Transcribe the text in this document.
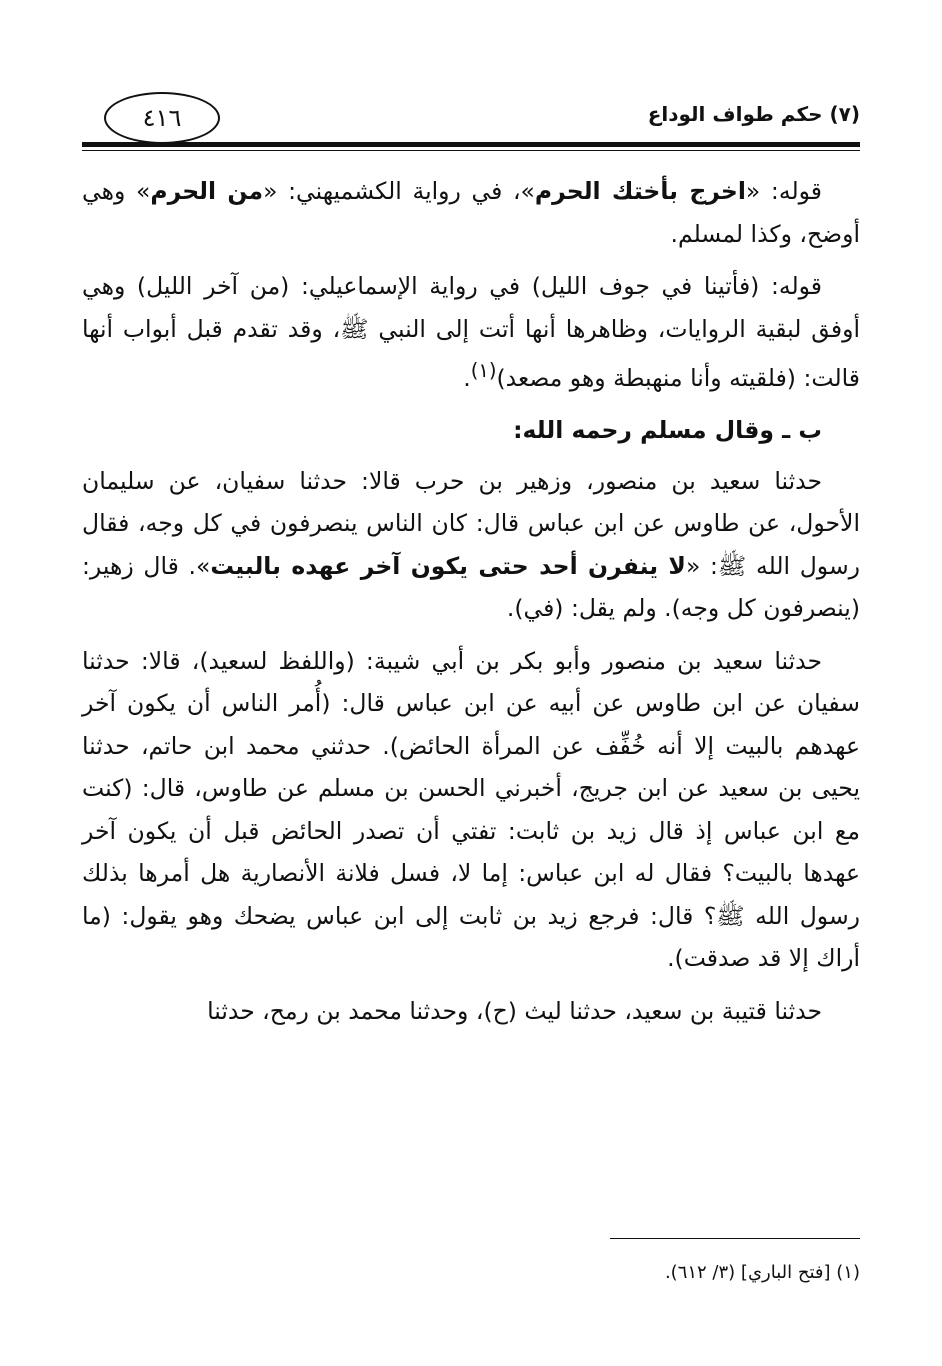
٤١٦	(٧) حكم طواف الوداع

قوله: «اخرج بأختك الحرم»، في رواية الكشميهني: «من الحرم» وهي أوضح، وكذا لمسلم.

قوله: (فأتينا في جوف الليل) في رواية الإسماعيلي: (من آخر الليل) وهي أوفق لبقية الروايات، وظاهرها أنها أتت إلى النبي ﷺ، وقد تقدم قبل أبواب أنها قالت: (فلقيته وأنا منهبطة وهو مصعد)$^{(١)}$.

ب ـ وقال مسلم رحمه الله:

حدثنا سعيد بن منصور، وزهير بن حرب قالا: حدثنا سفيان، عن سليمان الأحول، عن طاوس عن ابن عباس قال: كان الناس ينصرفون في كل وجه، فقال رسول الله ﷺ: «لا ينفرن أحد حتى يكون آخر عهده بالبيت». قال زهير: (ينصرفون كل وجه). ولم يقل: (في).

حدثنا سعيد بن منصور وأبو بكر بن أبي شيبة: (واللفظ لسعيد)، قالا: حدثنا سفيان عن ابن طاوس عن أبيه عن ابن عباس قال: (أُمر الناس أن يكون آخر عهدهم بالبيت إلا أنه خُفِّف عن المرأة الحائض). حدثني محمد ابن حاتم، حدثنا يحيى بن سعيد عن ابن جريج، أخبرني الحسن بن مسلم عن طاوس، قال: (كنت مع ابن عباس إذ قال زيد بن ثابت: تفتي أن تصدر الحائض قبل أن يكون آخر عهدها بالبيت؟ فقال له ابن عباس: إما لا، فسل فلانة الأنصارية هل أمرها بذلك رسول الله ﷺ؟ قال: فرجع زيد بن ثابت إلى ابن عباس يضحك وهو يقول: (ما أراك إلا قد صدقت).

حدثنا قتيبة بن سعيد، حدثنا ليث (ح)، وحدثنا محمد بن رمح، حدثنا

(١) [فتح الباري] (٣/ ٦١٢).
